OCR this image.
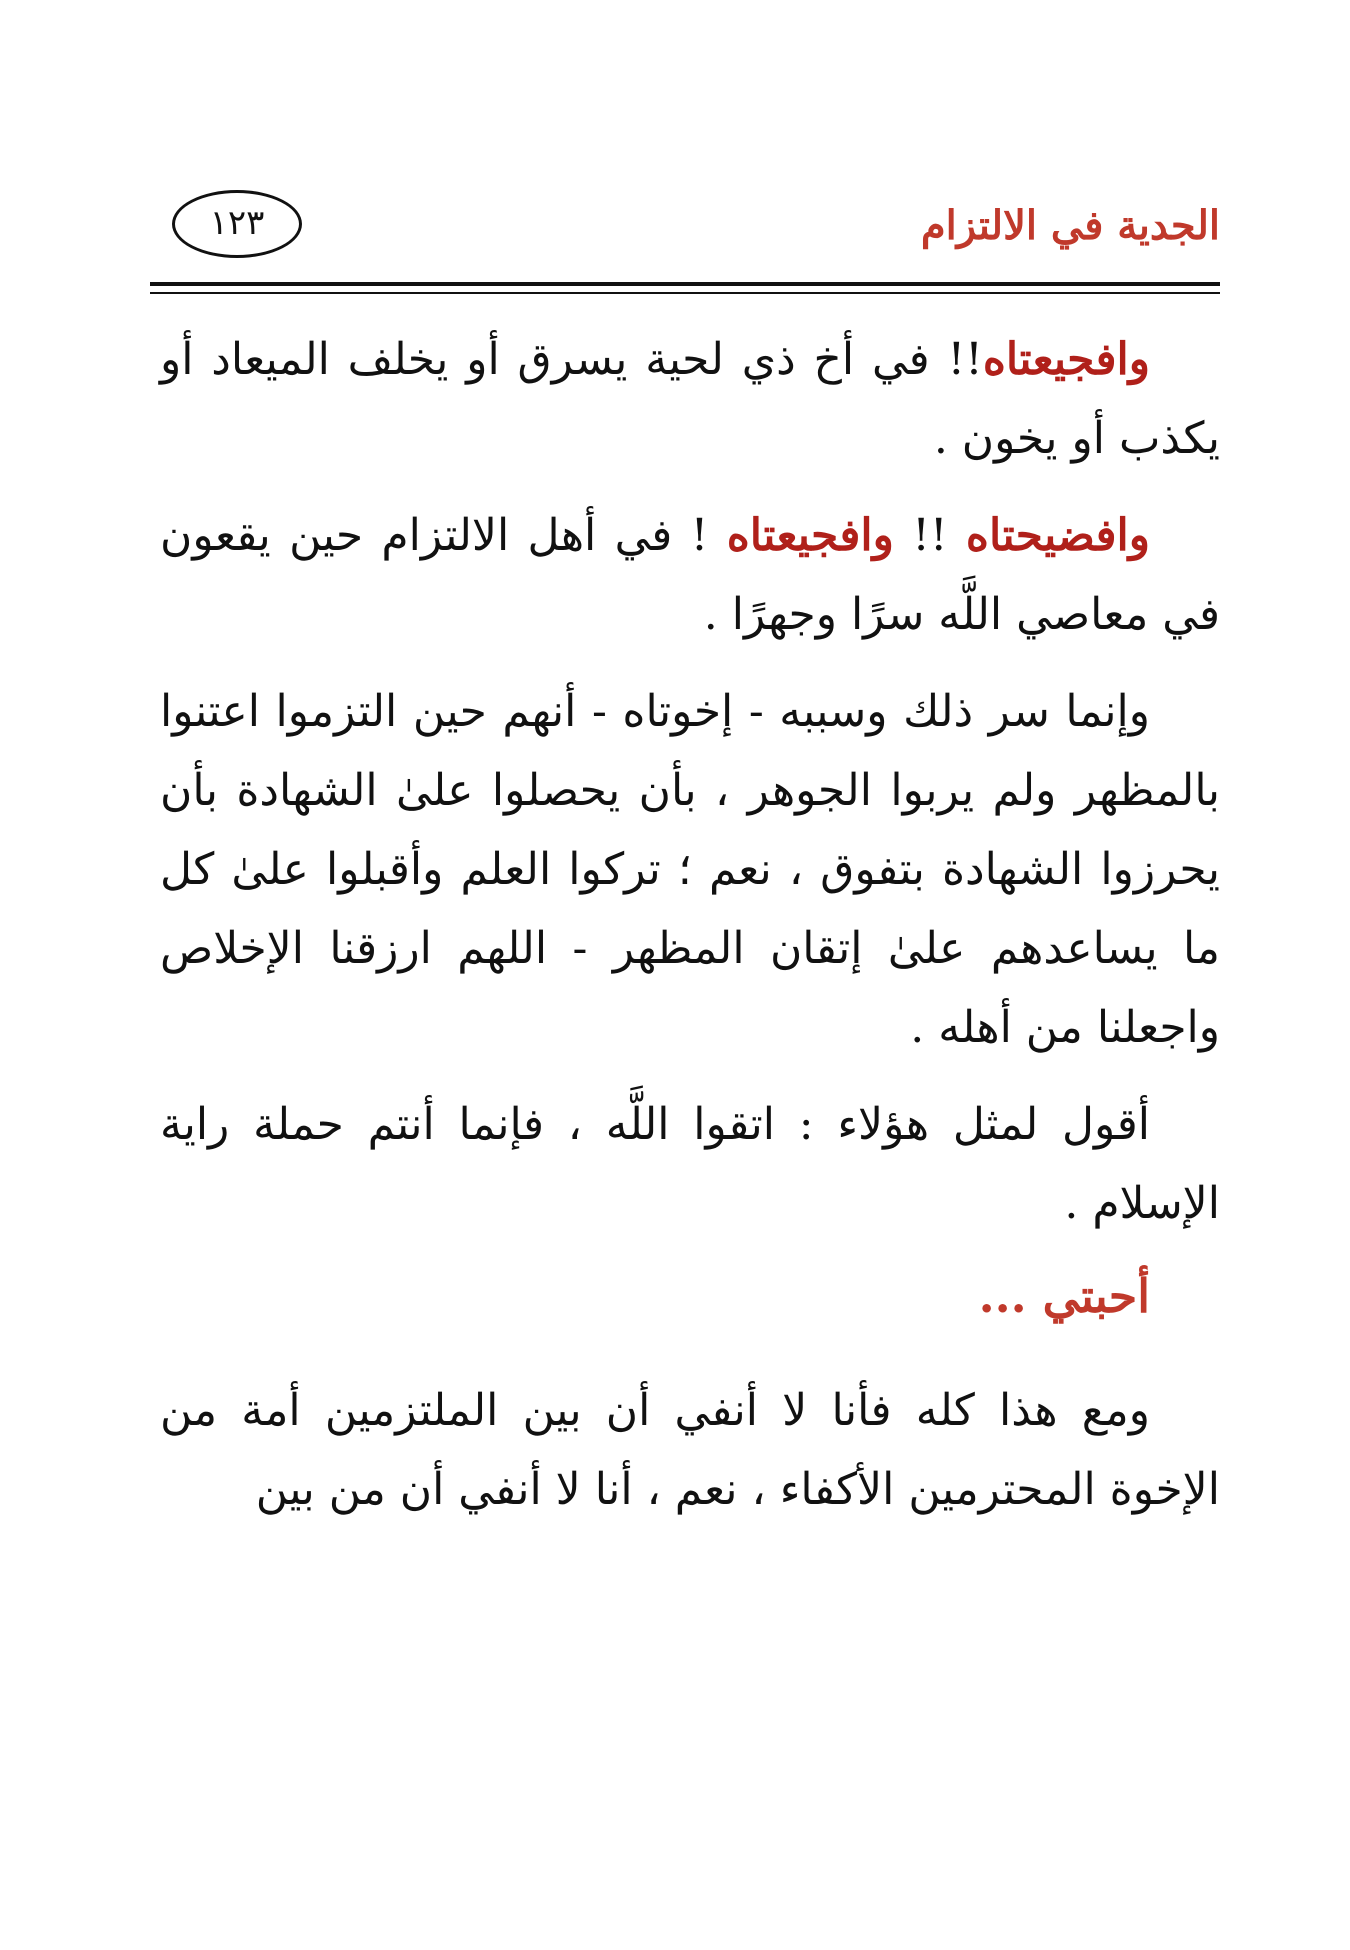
الجدية في الالتزام
١٢٣

وافجيعتاه!! في أخ ذي لحية يسرق أو يخلف الميعاد أو يكذب أو يخون .

وافضيحتاه !! وافجيعتاه ! في أهل الالتزام حين يقعون في معاصي اللَّه سرًا وجهرًا .

وإنما سر ذلك وسببه - إخوتاه - أنهم حين التزموا اعتنوا بالمظهر ولم يربوا الجوهر ، بأن يحصلوا علىٰ الشهادة بأن يحرزوا الشهادة بتفوق ، نعم ؛ تركوا العلم وأقبلوا علىٰ كل ما يساعدهم علىٰ إتقان المظهر - اللهم ارزقنا الإخلاص واجعلنا من أهله .

أقول لمثل هؤلاء : اتقوا اللَّه ، فإنما أنتم حملة راية الإسلام .

أحبتي ...

ومع هذا كله فأنا لا أنفي أن بين الملتزمين أمة من الإخوة المحترمين الأكفاء ، نعم ، أنا لا أنفي أن من بين
